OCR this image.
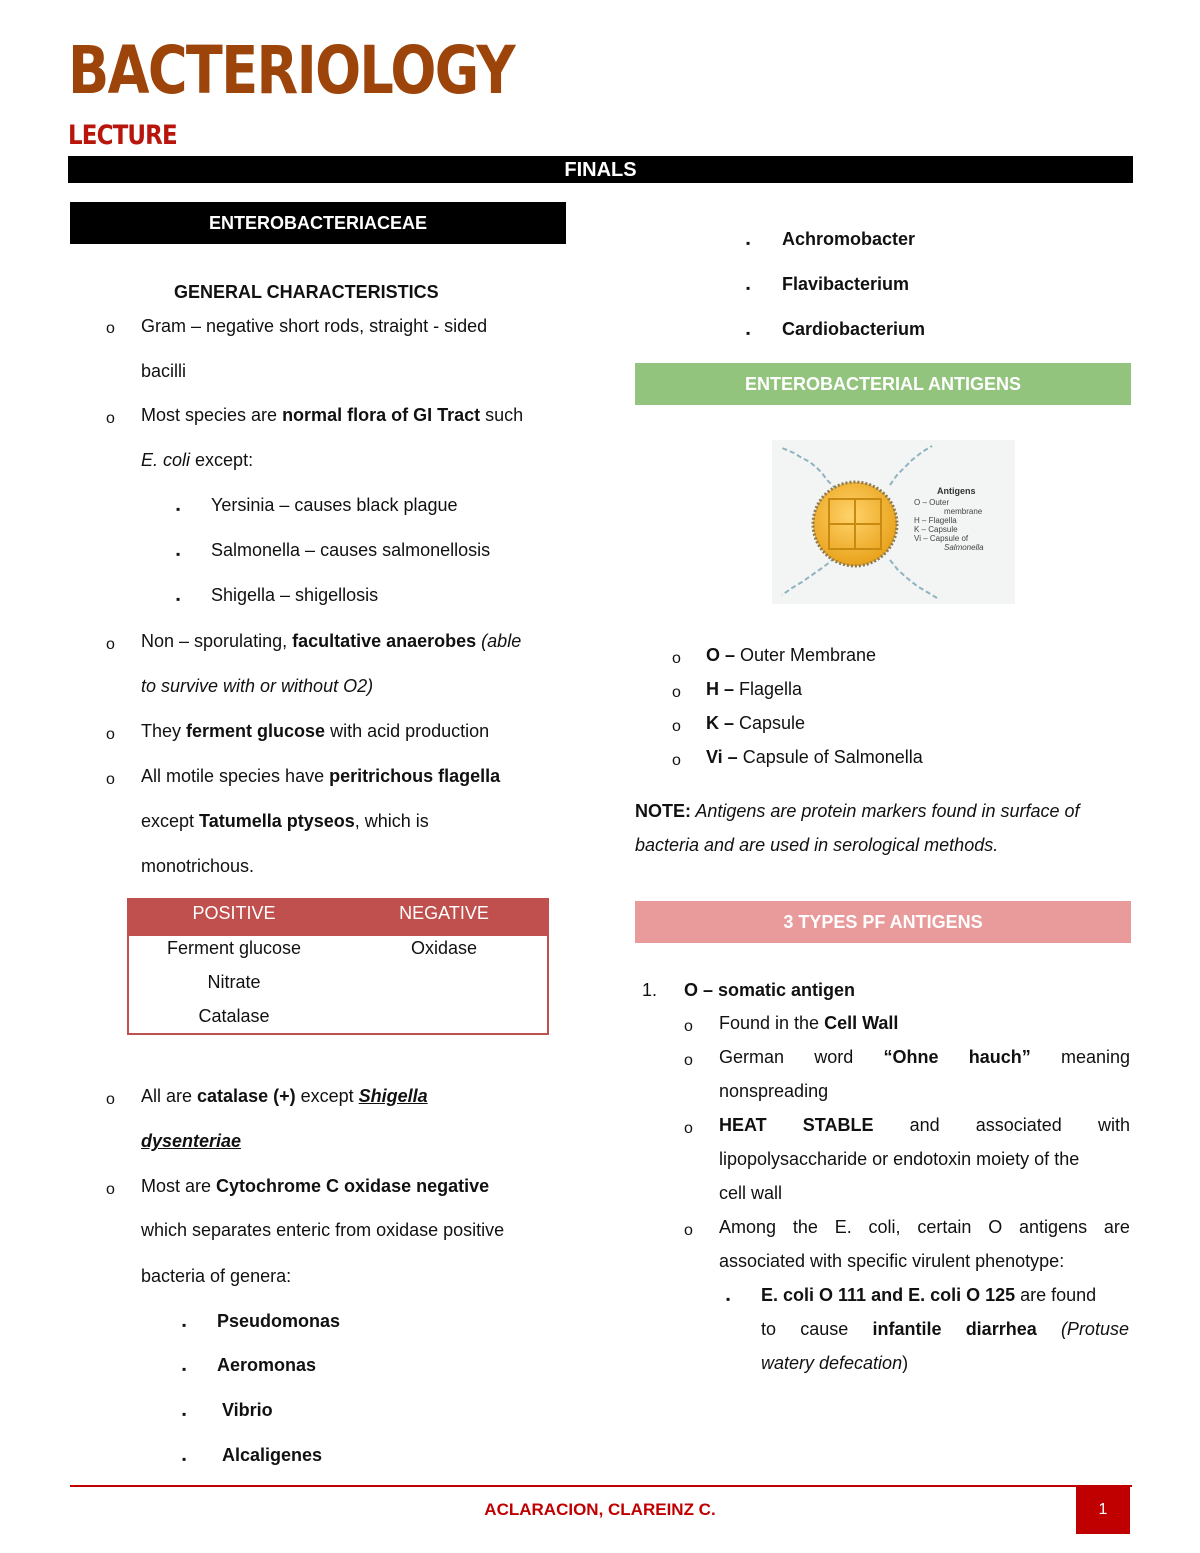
BACTERIOLOGY
LECTURE
FINALS
ENTEROBACTERIACEAE
GENERAL CHARACTERISTICS
o Gram – negative short rods, straight - sided
bacilli
o Most species are normal flora of GI Tract such
E. coli except:
▪ Yersinia – causes black plague
▪ Salmonella – causes salmonellosis
▪ Shigella – shigellosis
o Non – sporulating, facultative anaerobes (able
to survive with or without O2)
o They ferment glucose with acid production
o All motile species have peritrichous flagella
except Tatumella ptyseos, which is
monotrichous.
POSITIVE	NEGATIVE
Ferment glucose	Oxidase
Nitrate
Catalase
o All are catalase (+) except Shigella
dysenteriae
o Most are Cytochrome C oxidase negative
which separates enteric from oxidase positive
bacteria of genera:
▪ Pseudomonas
▪ Aeromonas
▪ Vibrio
▪ Alcaligenes
▪ Achromobacter
▪ Flavibacterium
▪ Cardiobacterium
ENTEROBACTERIAL ANTIGENS
Antigens
O – Outer
membrane
H – Flagella
K – Capsule
Vi – Capsule of
Salmonella
o O – Outer Membrane
o H – Flagella
o K – Capsule
o Vi – Capsule of Salmonella
NOTE: Antigens are protein markers found in surface of
bacteria and are used in serological methods.
3 TYPES PF ANTIGENS
1. O – somatic antigen
o Found in the Cell Wall
o German word “Ohne hauch” meaning
nonspreading
o HEAT STABLE and associated with
lipopolysaccharide or endotoxin moiety of the
cell wall
o Among the E. coli, certain O antigens are
associated with specific virulent phenotype:
▪ E. coli O 111 and E. coli O 125 are found
to cause infantile diarrhea (Protuse
watery defecation)
ACLARACION, CLAREINZ C.	1
